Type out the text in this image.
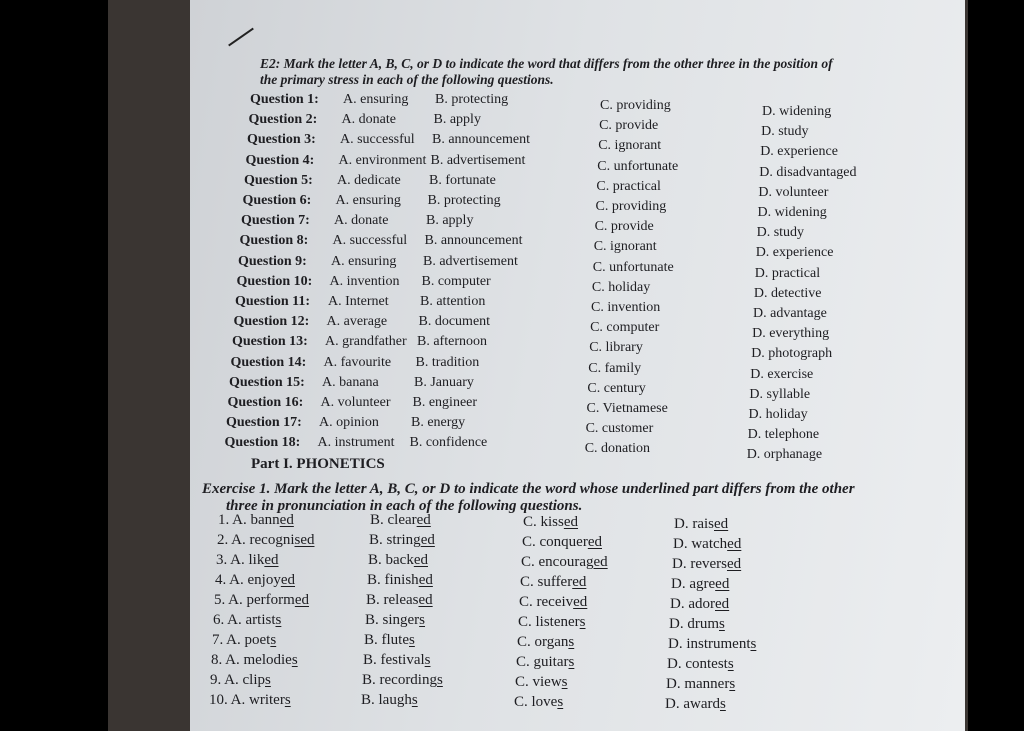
E2: Mark the letter A, B, C, or D to indicate the word that differs from the other three in the position of
the primary stress in each of the following questions.
Question 1: A. ensuring B. protecting	C. providing	D. widening
Question 2: A. donate	B. apply	C. provide	D. study
Question 3: A. successful B. announcement	C. ignorant	D. experience
Question 4: A. environment B. advertisement	C. unfortunate	D. disadvantaged
Question 5: A. dedicate B. fortunate	C. practical	D. volunteer
Question 6: A. ensuring B. protecting	C. providing	D. widening
Question 7: A. donate	B. apply	C. provide	D. study
Question 8: A. successful B. announcement	C. ignorant	D. experience
Question 9: A. ensuring B. advertisement	C. unfortunate	D. practical
Question 10: A. invention B. computer	C. holiday	D. detective
Question 11: A. Internet B. attention	C. invention	D. advantage
Question 12: A. average B. document	C. computer	D. everything
Question 13: A. grandfather B. afternoon	C. library	D. photograph
Question 14: A. favourite B. tradition	C. family	D. exercise
Question 15: A. banana	B. January	C. century	D. syllable
Question 16: A. volunteer B. engineer	C. Vietnamese	D. holiday
Question 17: A. opinion B. energy	C. customer	D. telephone
Question 18: A. instrument B. confidence	C. donation	D. orphanage
Part I. PHONETICS
Exercise 1. Mark the letter A, B, C, or D to indicate the word whose underlined part differs from the other
three in pronunciation in each of the following questions.
1. A. banned	B. cleared	C. kissed	D. raised
2. A. recognised	B. stringed	C. conquered	D. watched
3. A. liked	B. backed	C. encouraged	D. reversed
4. A. enjoyed	B. finished	C. suffered	D. agreed
5. A. performed	B. released	C. received	D. adored
6. A. artists	B. singers	C. listeners	D. drums
7. A. poets	B. flutes	C. organs	D. instruments
8. A. melodies	B. festivals	C. guitars	D. contests
9. A. clips	B. recordings	C. views	D. manners
10. A. writers	B. laughs	C. loves	D. awards
